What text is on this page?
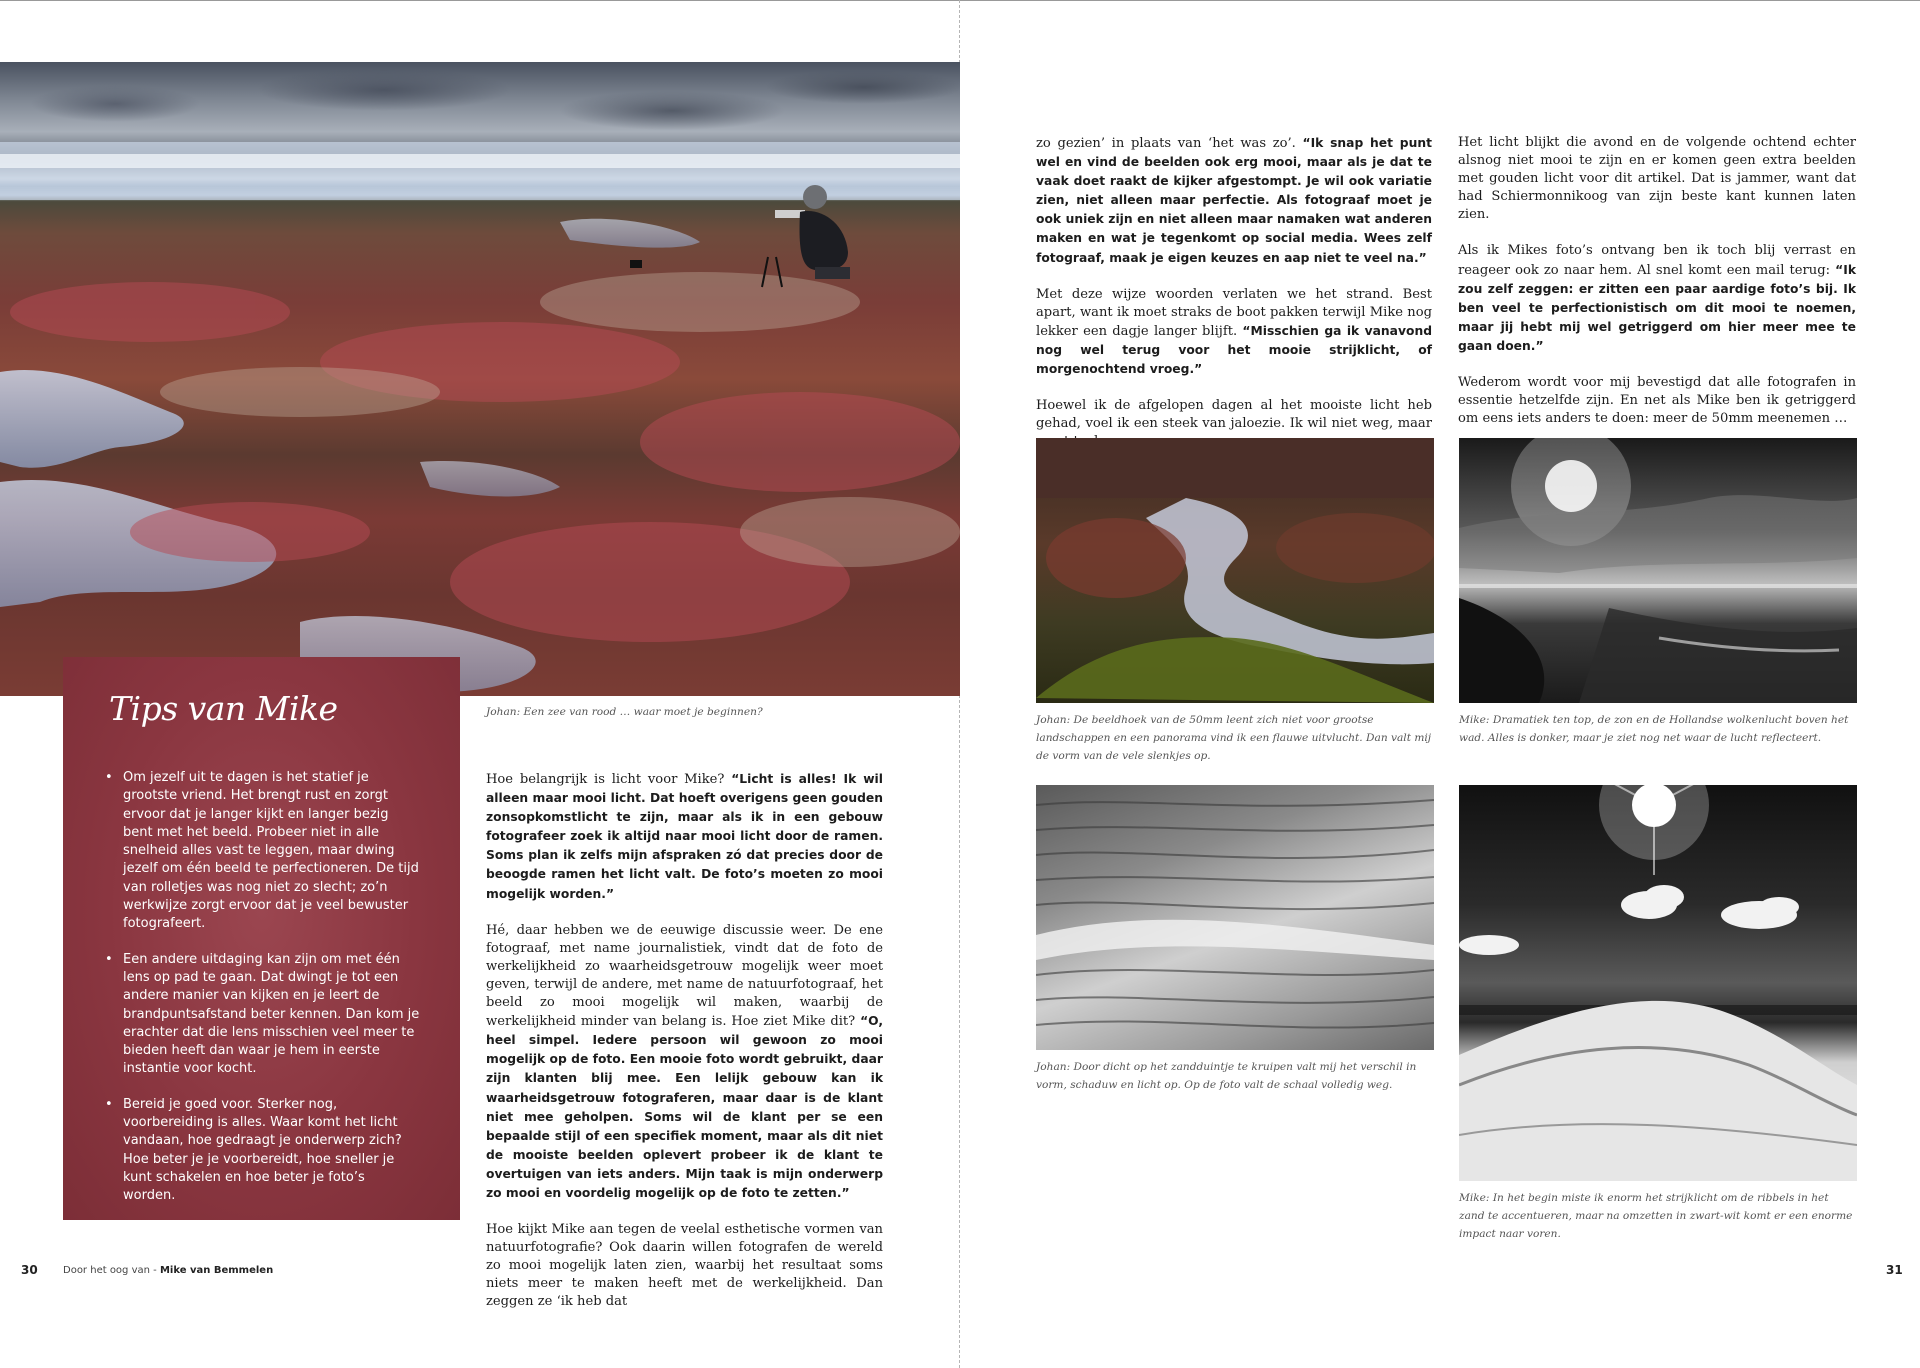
Johan: Een zee van rood … waar moet je beginnen?
Tips van Mike
• Om jezelf uit te dagen is het statief je grootste vriend. Het brengt rust en zorgt ervoor dat je langer kijkt en langer bezig bent met het beeld. Probeer niet in alle snelheid alles vast te leggen, maar dwing jezelf om één beeld te perfectioneren. De tijd van rolletjes was nog niet zo slecht; zo’n werkwijze zorgt ervoor dat je veel bewuster fotografeert.
• Een andere uitdaging kan zijn om met één lens op pad te gaan. Dat dwingt je tot een andere manier van kijken en je leert de brandpuntsafstand beter kennen. Dan kom je erachter dat die lens misschien veel meer te bieden heeft dan waar je hem in eerste instantie voor kocht.
• Bereid je goed voor. Sterker nog, voorbereiding is alles. Waar komt het licht vandaan, hoe gedraagt je onderwerp zich? Hoe beter je je voorbereidt, hoe sneller je kunt schakelen en hoe beter je foto’s worden.

Hoe belangrijk is licht voor Mike? “Licht is alles! Ik wil alleen maar mooi licht. Dat hoeft overigens geen gouden zonsopkomstlicht te zijn, maar als ik in een gebouw fotografeer zoek ik altijd naar mooi licht door de ramen. Soms plan ik zelfs mijn afspraken zó dat precies door de beoogde ramen het licht valt. De foto’s moeten zo mooi mogelijk worden.”

Hé, daar hebben we de eeuwige discussie weer. De ene fotograaf, met name journalistiek, vindt dat de foto de werkelijkheid zo waarheidsgetrouw mogelijk weer moet geven, terwijl de andere, met name de natuurfotograaf, het beeld zo mooi mogelijk wil maken, waarbij de werkelijkheid minder van belang is. Hoe ziet Mike dit? “O, heel simpel. Iedere persoon wil gewoon zo mooi mogelijk op de foto. Een mooie foto wordt gebruikt, daar zijn klanten blij mee. Een lelijk gebouw kan ik waarheidsgetrouw fotograferen, maar daar is de klant niet mee geholpen. Soms wil de klant per se een bepaalde stijl of een specifiek moment, maar als dit niet de mooiste beelden oplevert probeer ik de klant te overtuigen van iets anders. Mijn taak is mijn onderwerp zo mooi en voordelig mogelijk op de foto te zetten.”

Hoe kijkt Mike aan tegen de veelal esthetische vormen van natuurfotografie? Ook daarin willen fotografen de wereld zo mooi mogelijk laten zien, waarbij het resultaat soms niets meer te maken heeft met de werkelijkheid. Dan zeggen ze ‘ik heb dat

30	Door het oog van - Mike van Bemmelen

zo gezien’ in plaats van ‘het was zo’. “Ik snap het punt wel en vind de beelden ook erg mooi, maar als je dat te vaak doet raakt de kijker afgestompt. Je wil ook variatie zien, niet alleen maar perfectie. Als fotograaf moet je ook uniek zijn en niet alleen maar namaken wat anderen maken en wat je tegenkomt op social media. Wees zelf fotograaf, maak je eigen keuzes en aap niet te veel na.”

Met deze wijze woorden verlaten we het strand. Best apart, want ik moet straks de boot pakken terwijl Mike nog lekker een dagje langer blijft. “Misschien ga ik vanavond nog wel terug voor het mooie strijklicht, of morgenochtend vroeg.”

Hoewel ik de afgelopen dagen al het mooiste licht heb gehad, voel ik een steek van jaloezie. Ik wil niet weg, maar

Het licht blijkt die avond en de volgende ochtend echter alsnog niet mooi te zijn en er komen geen extra beelden met gouden licht voor dit artikel. Dat is jammer, want dat had Schiermonnikoog van zijn beste kant kunnen laten zien.

Als ik Mikes foto’s ontvang ben ik toch blij verrast en reageer ook zo naar hem. Al snel komt een mail terug: “Ik zou zelf zeggen: er zitten een paar aardige foto’s bij. Ik ben veel te perfectionistisch om dit mooi te noemen, maar jij hebt mij wel getriggerd om hier meer mee te gaan doen.”

Wederom wordt voor mij bevestigd dat alle fotografen in essentie hetzelfde zijn. En net als Mike ben ik getriggerd om eens iets anders te doen: meer de 50mm meenemen …

Johan: De beeldhoek van de 50mm leent zich niet voor grootse landschappen en een panorama vind ik een flauwe uitvlucht. Dan valt mij de vorm van de vele slenkjes op.
Mike: Dramatiek ten top, de zon en de Hollandse wolkenlucht boven het wad. Alles is donker, maar je ziet nog net waar de lucht reflecteert.
Johan: Door dicht op het zandduintje te kruipen valt mij het verschil in vorm, schaduw en licht op. Op de foto valt de schaal volledig weg.
Mike: In het begin miste ik enorm het strijklicht om de ribbels in het zand te accentueren, maar na omzetten in zwart-wit komt er een enorme impact naar voren.
31
